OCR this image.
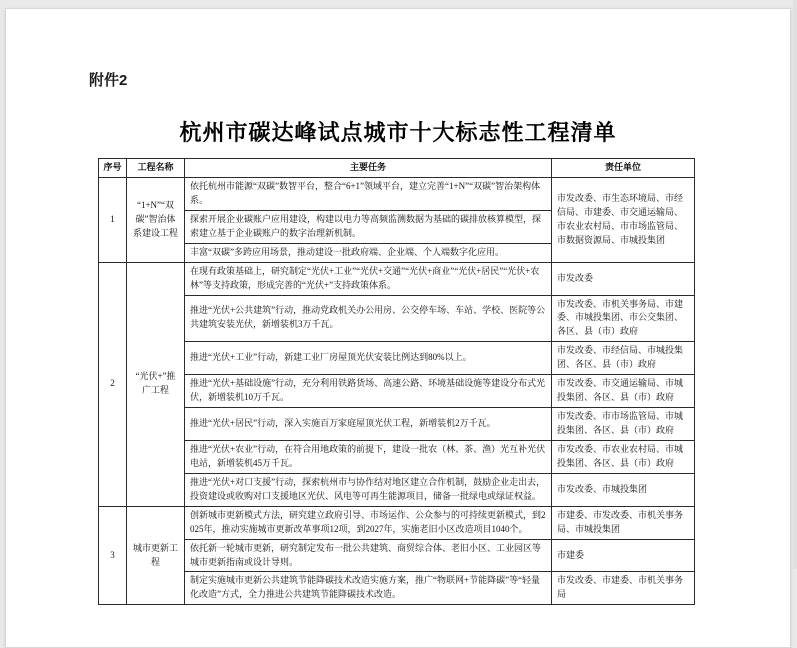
附件2
杭州市碳达峰试点城市十大标志性工程清单
序号	工程名称	主要任务	责任单位
1	“1+N”“双碳”智治体系建设工程	依托杭州市能源“双碳”数智平台，整合“6+1”领域平台，建立完善“1+N”“双碳”智治架构体系。	市发改委、市生态环境局、市经信局、市建委、市交通运输局、市农业农村局、市市场监管局、市数据资源局、市城投集团
		探索开展企业碳账户应用建设，构建以电力等高频监测数据为基础的碳排放核算模型，探索建立基于企业碳账户的数字治理新机制。	
		丰富“双碳”多跨应用场景，推动建设一批政府端、企业端、个人端数字化应用。	
2	“光伏+”推广工程	在现有政策基础上，研究制定“光伏+工业”“光伏+交通”“光伏+商业”“光伏+居民”“光伏+农林”等支持政策，形成完善的“光伏+”支持政策体系。	市发改委
		推进“光伏+公共建筑”行动，推动党政机关办公用房、公交停车场、车站、学校、医院等公共建筑安装光伏，新增装机3万千瓦。	市发改委、市机关事务局、市建委、市城投集团、市公交集团、各区、县（市）政府
		推进“光伏+工业”行动，新建工业厂房屋顶光伏安装比例达到80%以上。	市发改委、市经信局、市城投集团、各区、县（市）政府
		推进“光伏+基础设施”行动，充分利用铁路货场、高速公路、环境基础设施等建设分布式光伏，新增装机10万千瓦。	市发改委、市交通运输局、市城投集团、各区、县（市）政府
		推进“光伏+居民”行动，深入实施百万家庭屋顶光伏工程，新增装机2万千瓦。	市发改委、市市场监管局、市城投集团、各区、县（市）政府
		推进“光伏+农业”行动，在符合用地政策的前提下，建设一批农（林、茶、渔）光互补光伏电站，新增装机45万千瓦。	市发改委、市农业农村局、市城投集团、各区、县（市）政府
		推进“光伏+对口支援”行动，探索杭州市与协作结对地区建立合作机制，鼓励企业走出去，投资建设或收购对口支援地区光伏、风电等可再生能源项目，储备一批绿电或绿证权益。	市发改委、市城投集团
3	城市更新工程	创新城市更新模式方法，研究建立政府引导、市场运作、公众参与的可持续更新模式，到2025年，推动实施城市更新改革事项12项，到2027年，实施老旧小区改造项目1040个。	市建委、市发改委、市机关事务局、市城投集团
		依托新一轮城市更新，研究制定发布一批公共建筑、商贸综合体、老旧小区、工业园区等城市更新指南或设计导则。	市建委
		制定实施城市更新公共建筑节能降碳技术改造实施方案，推广“物联网+节能降碳”等“轻量化改造”方式，全力推进公共建筑节能降碳技术改造。	市发改委、市建委、市机关事务局
